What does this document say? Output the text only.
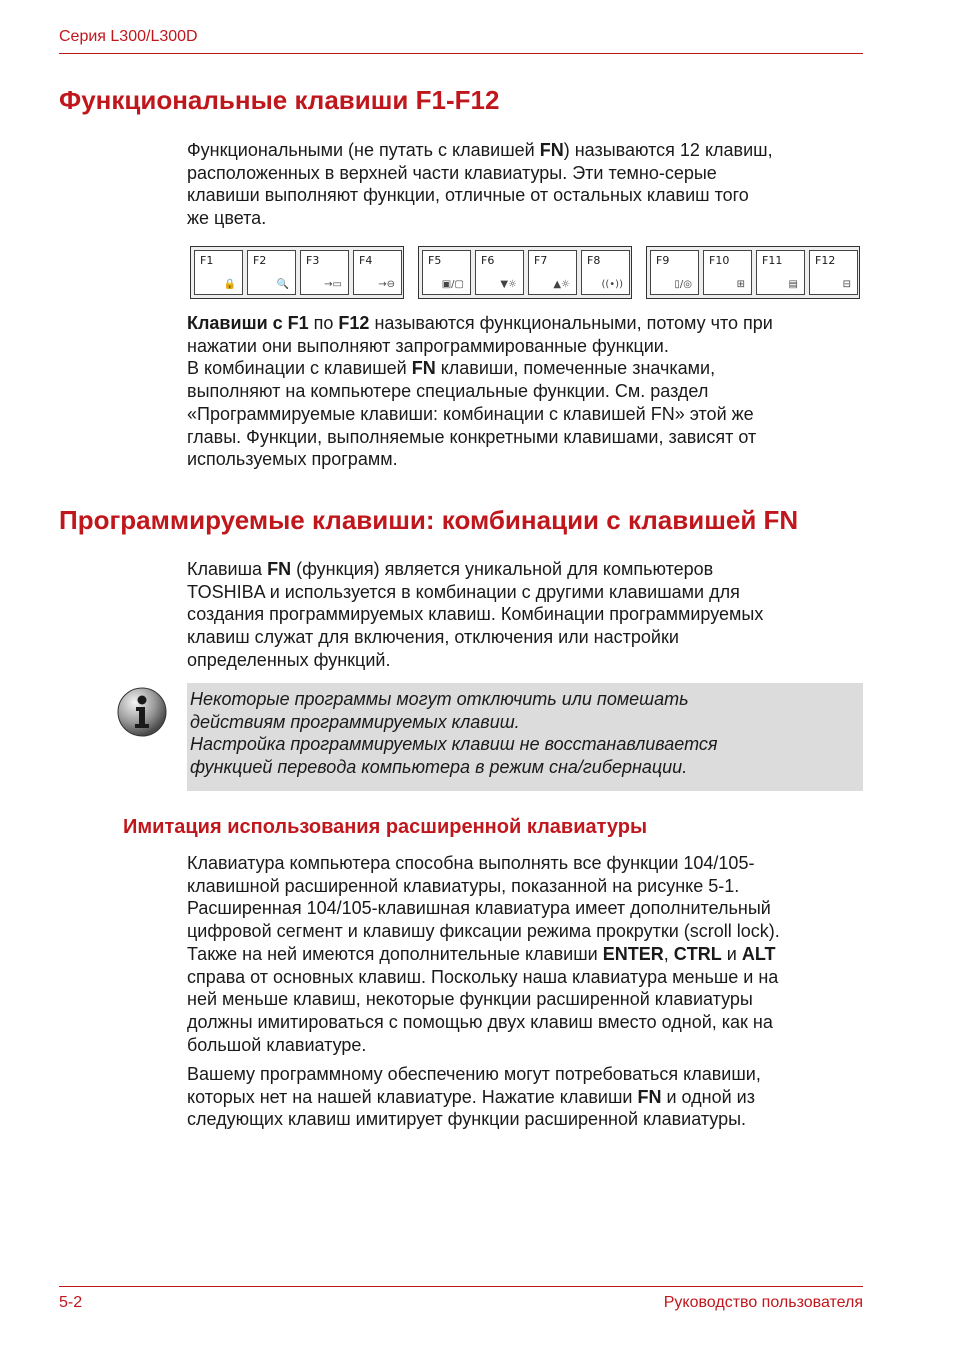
Серия L300/L300D
Функциональные клавиши F1-F12
Функциональными (не путать с клавишей FN) называются 12 клавиш,
расположенных в верхней части клавиатуры. Эти темно-серые
клавиши выполняют функции, отличные от остальных клавиш того
же цвета.
F1
🔒
F2
🔍
F3
→▭
F4
→⊖
F5
▣/▢
F6
▼☼
F7
▲☼
F8
((•))
F9
▯/◎
F10
⊞
F11
▤
F12
⊟
Клавиши с F1 по F12 называются функциональными, потому что при
нажатии они выполняют запрограммированные функции.
В комбинации с клавишей FN клавиши, помеченные значками,
выполняют на компьютере специальные функции. См. раздел
«Программируемые клавиши: комбинации с клавишей FN» этой же
главы. Функции, выполняемые конкретными клавишами, зависят от
используемых программ.
Программируемые клавиши: комбинации с клавишей FN
Клавиша FN (функция) является уникальной для компьютеров
TOSHIBA и используется в комбинации с другими клавишами для
создания программируемых клавиш. Комбинации программируемых
клавиш служат для включения, отключения или настройки
определенных функций.
Некоторые программы могут отключить или помешать
действиям программируемых клавиш.
Настройка программируемых клавиш не восстанавливается
функцией перевода компьютера в режим сна/гибернации.
Имитация использования расширенной клавиатуры
Клавиатура компьютера способна выполнять все функции 104/105-
клавишной расширенной клавиатуры, показанной на рисунке 5-1.
Расширенная 104/105-клавишная клавиатура имеет дополнительный
цифровой сегмент и клавишу фиксации режима прокрутки (scroll lock).
Также на ней имеются дополнительные клавиши ENTER, CTRL и ALT
справа от основных клавиш. Поскольку наша клавиатура меньше и на
ней меньше клавиш, некоторые функции расширенной клавиатуры
должны имитироваться с помощью двух клавиш вместо одной, как на
большой клавиатуре.
Вашему программному обеспечению могут потребоваться клавиши,
которых нет на нашей клавиатуре. Нажатие клавиши FN и одной из
следующих клавиш имитирует функции расширенной клавиатуры.
5-2	Руководство пользователя
